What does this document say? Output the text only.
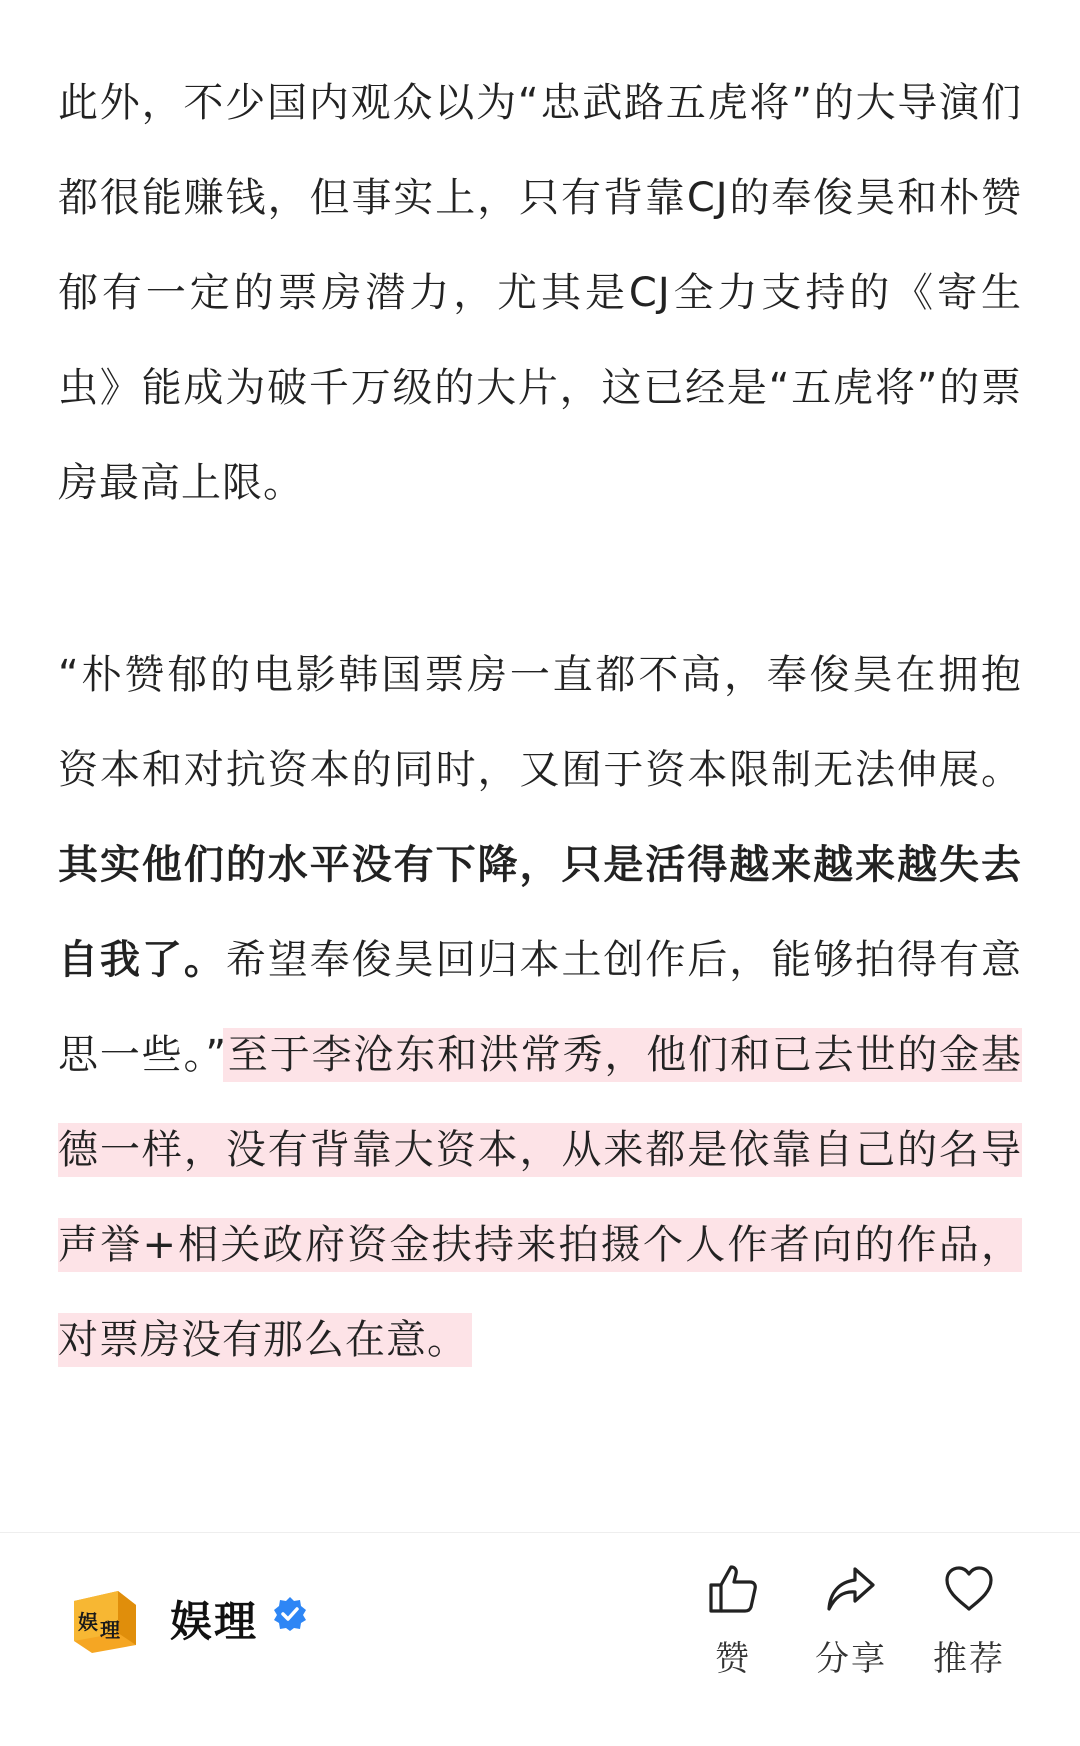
此外，不少国内观众以为“忠武路五虎将”的大导演们都很能赚钱，但事实上，只有背靠CJ的奉俊昊和朴赞郁有一定的票房潜力，尤其是CJ全力支持的《寄生虫》能成为破千万级的大片，这已经是“五虎将”的票房最高上限。

“朴赞郁的电影韩国票房一直都不高，奉俊昊在拥抱资本和对抗资本的同时，又囿于资本限制无法伸展。其实他们的水平没有下降，只是活得越来越来越失去自我了。希望奉俊昊回归本土创作后，能够拍得有意思一些。”至于李沧东和洪常秀，他们和已去世的金基德一样，没有背靠大资本，从来都是依靠自己的名导声誉+相关政府资金扶持来拍摄个人作者向的作品，对票房没有那么在意。

娱 理 娱理
赞	分享	推荐
